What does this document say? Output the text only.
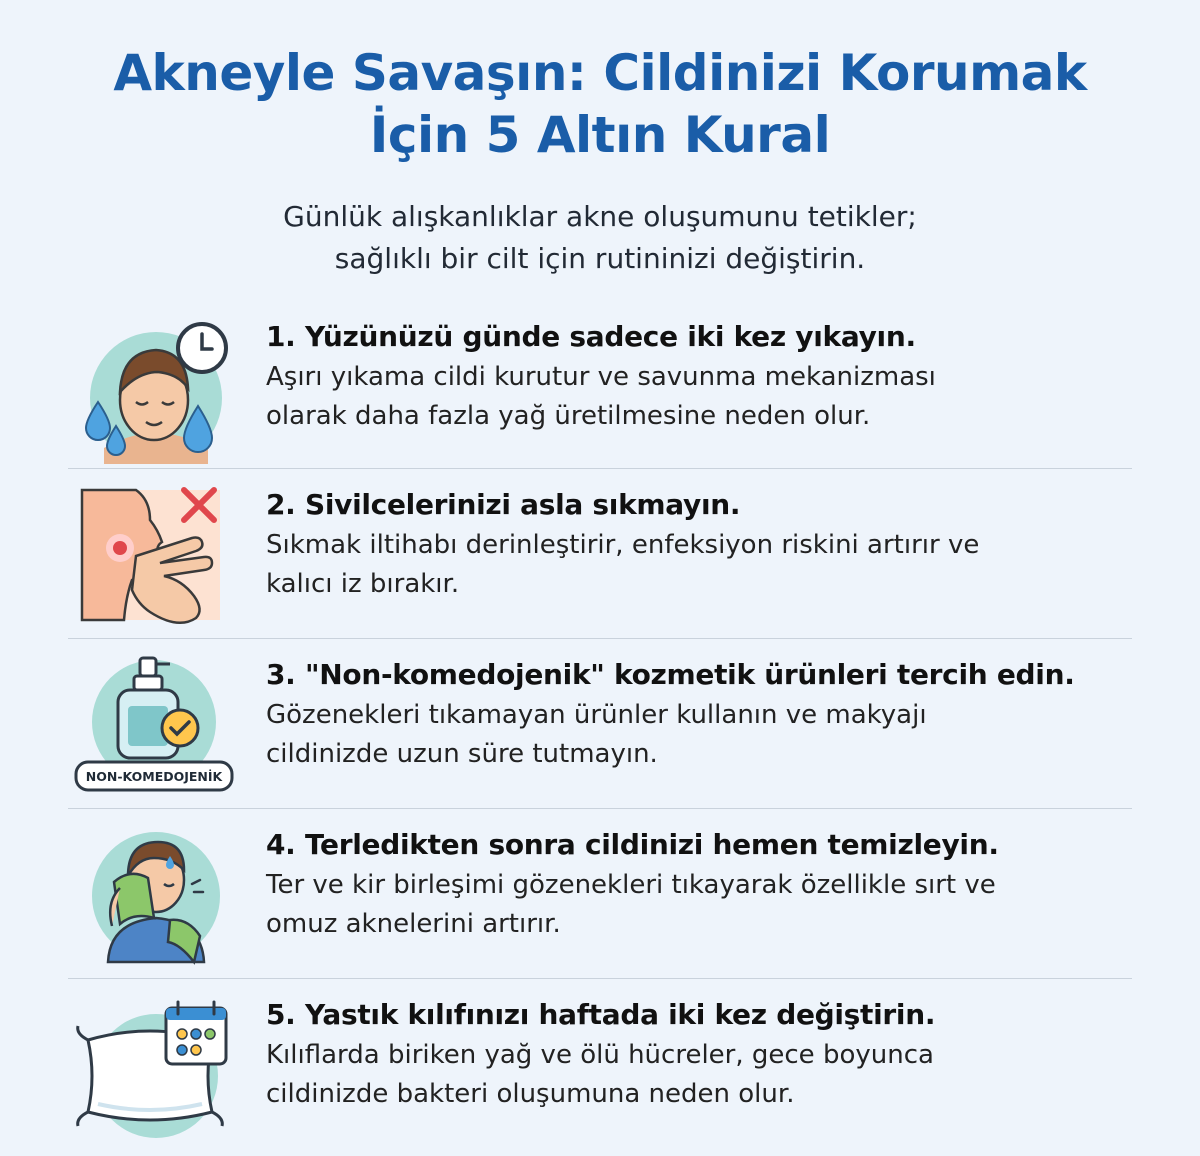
Akneyle Savaşın: Cildinizi Korumak
İçin 5 Altın Kural
Günlük alışkanlıklar akne oluşumunu tetikler;
sağlıklı bir cilt için rutininizi değiştirin.
1. Yüzünüzü günde sadece iki kez yıkayın.
Aşırı yıkama cildi kurutur ve savunma mekanizması
olarak daha fazla yağ üretilmesine neden olur.
2. Sivilcelerinizi asla sıkmayın.
Sıkmak iltihabı derinleştirir, enfeksiyon riskini artırır ve
kalıcı iz bırakır.
NON-KOMEDOJENİK
3. "Non-komedojenik" kozmetik ürünleri tercih edin.
Gözenekleri tıkamayan ürünler kullanın ve makyajı
cildinizde uzun süre tutmayın.
4. Terledikten sonra cildinizi hemen temizleyin.
Ter ve kir birleşimi gözenekleri tıkayarak özellikle sırt ve
omuz aknelerini artırır.
5. Yastık kılıfınızı haftada iki kez değiştirin.
Kılıflarda biriken yağ ve ölü hücreler, gece boyunca
cildinizde bakteri oluşumuna neden olur.
